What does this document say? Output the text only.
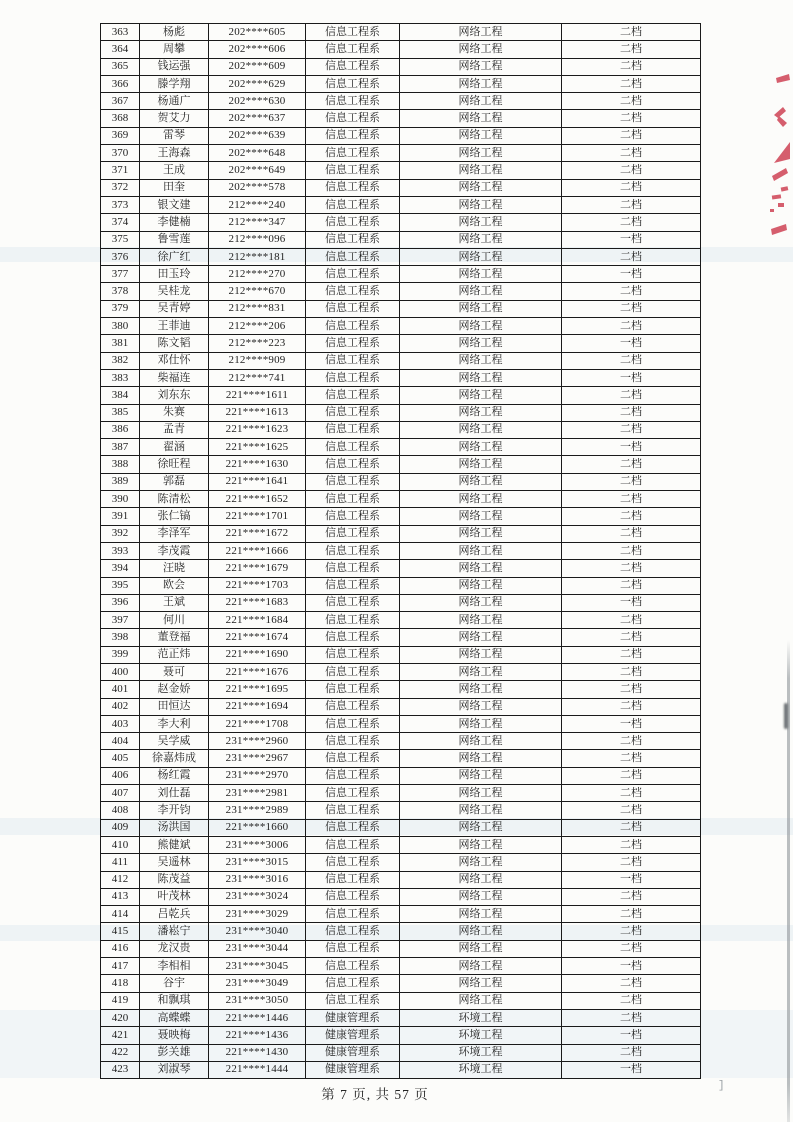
363	杨彪	202****605	信息工程系	网络工程	二档
364	周攀	202****606	信息工程系	网络工程	二档
365	钱运强	202****609	信息工程系	网络工程	二档
366	滕学翔	202****629	信息工程系	网络工程	二档
367	杨通广	202****630	信息工程系	网络工程	二档
368	贺艾力	202****637	信息工程系	网络工程	二档
369	雷琴	202****639	信息工程系	网络工程	二档
370	王海森	202****648	信息工程系	网络工程	二档
371	王成	202****649	信息工程系	网络工程	二档
372	田奎	202****578	信息工程系	网络工程	二档
373	银文建	212****240	信息工程系	网络工程	二档
374	李健楠	212****347	信息工程系	网络工程	二档
375	鲁雪莲	212****096	信息工程系	网络工程	一档
376	徐广红	212****181	信息工程系	网络工程	二档
377	田玉玲	212****270	信息工程系	网络工程	一档
378	吴桂龙	212****670	信息工程系	网络工程	二档
379	吴青婷	212****831	信息工程系	网络工程	二档
380	王菲迪	212****206	信息工程系	网络工程	二档
381	陈文韬	212****223	信息工程系	网络工程	一档
382	邓仕怀	212****909	信息工程系	网络工程	二档
383	柴福连	212****741	信息工程系	网络工程	一档
384	刘东东	221****1611	信息工程系	网络工程	二档
385	朱赛	221****1613	信息工程系	网络工程	二档
386	孟青	221****1623	信息工程系	网络工程	二档
387	翟涵	221****1625	信息工程系	网络工程	一档
388	徐旺程	221****1630	信息工程系	网络工程	二档
389	郭磊	221****1641	信息工程系	网络工程	二档
390	陈清松	221****1652	信息工程系	网络工程	二档
391	张仁镐	221****1701	信息工程系	网络工程	二档
392	李泽军	221****1672	信息工程系	网络工程	二档
393	李茂霞	221****1666	信息工程系	网络工程	二档
394	汪晓	221****1679	信息工程系	网络工程	二档
395	欧会	221****1703	信息工程系	网络工程	二档
396	王斌	221****1683	信息工程系	网络工程	一档
397	何川	221****1684	信息工程系	网络工程	二档
398	董登福	221****1674	信息工程系	网络工程	二档
399	范正炜	221****1690	信息工程系	网络工程	二档
400	聂可	221****1676	信息工程系	网络工程	二档
401	赵金娇	221****1695	信息工程系	网络工程	二档
402	田恒达	221****1694	信息工程系	网络工程	二档
403	李大利	221****1708	信息工程系	网络工程	一档
404	吴学威	231****2960	信息工程系	网络工程	二档
405	徐嘉炜成	231****2967	信息工程系	网络工程	二档
406	杨红霞	231****2970	信息工程系	网络工程	二档
407	刘仕磊	231****2981	信息工程系	网络工程	二档
408	李开钧	231****2989	信息工程系	网络工程	二档
409	汤洪国	221****1660	信息工程系	网络工程	二档
410	熊健斌	231****3006	信息工程系	网络工程	二档
411	吴遥林	231****3015	信息工程系	网络工程	二档
412	陈茂益	231****3016	信息工程系	网络工程	一档
413	叶茂林	231****3024	信息工程系	网络工程	二档
414	吕乾兵	231****3029	信息工程系	网络工程	二档
415	潘崧宁	231****3040	信息工程系	网络工程	二档
416	龙汉贵	231****3044	信息工程系	网络工程	二档
417	李相相	231****3045	信息工程系	网络工程	一档
418	谷宇	231****3049	信息工程系	网络工程	二档
419	和飘琪	231****3050	信息工程系	网络工程	二档
420	高蝶蝶	221****1446	健康管理系	环境工程	二档
421	聂映梅	221****1436	健康管理系	环境工程	一档
422	彭关雄	221****1430	健康管理系	环境工程	二档
423	刘淑琴	221****1444	健康管理系	环境工程	一档
第 7 页, 共 57 页
]
